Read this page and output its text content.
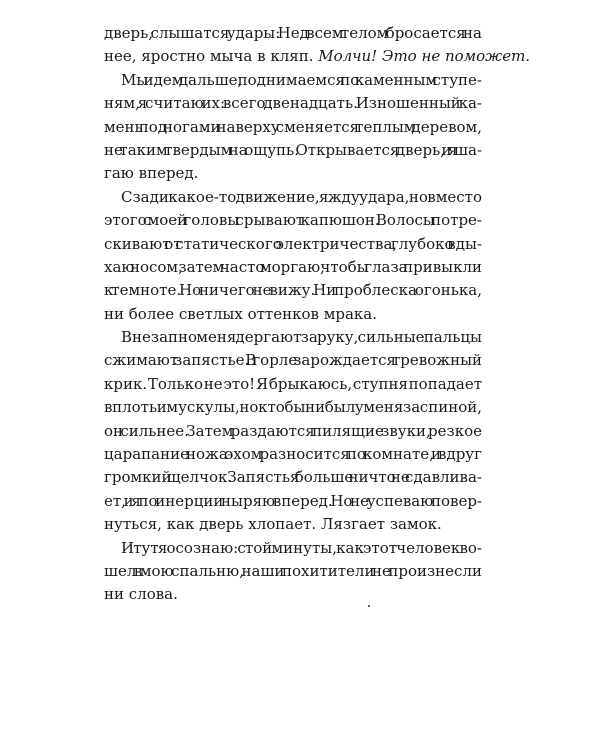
дверь, слышатся удары: Нед всем телом бросается на
нее, яростно мыча в кляп. Молчи! Это не поможет.
Мы идем дальше, поднимаемся по каменным ступе-
ням, я считаю их: всего двенадцать. Изношенный ка-
мень под ногами наверху сменяется теплым деревом,
не таким твердым на ощупь. Открывается дверь, и я ша-
гаю вперед.
Сзади какое-то движение, я жду удара, но вместо
этого с моей головы срывают капюшон. Волосы потре-
скивают от статического электричества, глубоко вды-
хаю носом, затем часто моргаю, чтобы глаза привыкли
к темноте. Но ничего не вижу. Ни проблеска огонька,
ни более светлых оттенков мрака.
Внезапно меня дергают за руку, сильные пальцы
сжимают запястье. В горле зарождается тревожный
крик. Только не это! Я брыкаюсь, ступня попадает
в плоть и мускулы, но кто бы ни был у меня за спиной,
он сильнее. Затем раздаются пилящие звуки, резкое
царапание ножа эхом разносится по комнате, и вдруг
громкий щелчок. Запястья больше ничто не сдавлива-
ет, и я по инерции ныряю вперед. Но не успеваю повер-
нуться, как дверь хлопает. Лязгает замок.
И тут я осознаю: с той минуты, как этот человек во-
шел в мою спальню, наши похитители не произнесли
ни слова.
